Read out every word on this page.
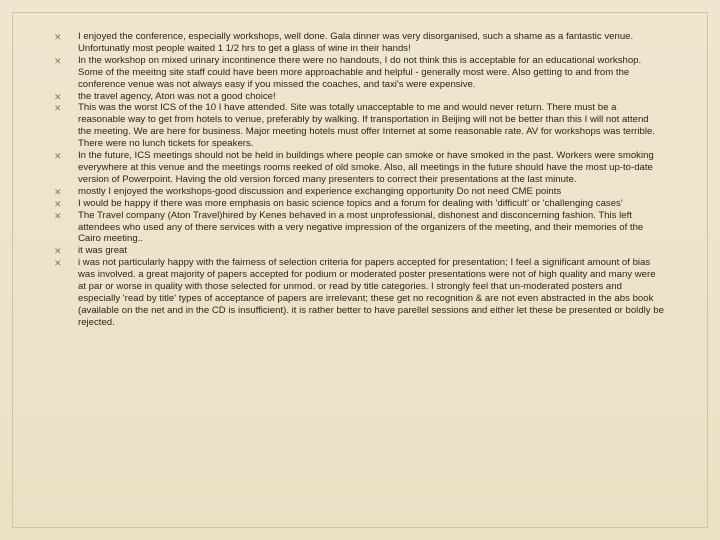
✕ I enjoyed the conference, especially workshops, well done. Gala dinner was very disorganised, such a shame as a fantastic venue. Unfortunatly most people waited 1 1/2 hrs to get a glass of wine in their hands!
✕ In the workshop on mixed urinary incontinence there were no handouts, I do not think this is acceptable for an educational workshop. Some of the meeitng site staff could have been more approachable and helpful - generally most were. Also getting to and from the conference venue was not always easy if you missed the coaches, and taxi's were expensive.
✕ the travel agency, Aton was not a good choice!
✕ This was the worst ICS of the 10 I have attended. Site was totally unacceptable to me and would never return. There must be a reasonable way to get from hotels to venue, preferably by walking. If transportation in Beijing will not be better than this I will not attend the meeting. We are here for business. Major meeting hotels must offer Internet at some reasonable rate. AV for workshops was terrible. There were no lunch tickets for speakers.
✕ In the future, ICS meetings should not be held in buildings where people can smoke or have smoked in the past. Workers were smoking everywhere at this venue and the meetings rooms reeked of old smoke. Also, all meetings in the future should have the most up-to-date version of Powerpoint. Having the old version forced many presenters to correct their presentations at the last minute.
✕ mostly I enjoyed the workshops-good discussion and experience exchanging opportunity Do not need CME points
✕ I would be happy if there was more emphasis on basic science topics and a forum for dealing with 'difficult' or 'challenging cases'
✕ The Travel company (Aton Travel)hired by Kenes behaved in a most unprofessional, dishonest and disconcerning fashion. This left attendees who used any of there services with a very negative impression of the organizers of the meeting, and their memories of the Cairo meeting..
✕ it was great
✕ i was not particularly happy with the fairness of selection criteria for papers accepted for presentation; I feel a significant amount of bias was involved. a great majority of papers accepted for podium or moderated poster presentations were not of high quality and many were at par or worse in quality with those selected for unmod. or read by title categories. I strongly feel that un-moderated posters and especially 'read by title' types of acceptance of papers are irrelevant; these get no recognition & are not even abstracted in the abs book (available on the net and in the CD is insufficient). it is rather better to have parellel sessions and either let these be presented or boldly be rejected.
